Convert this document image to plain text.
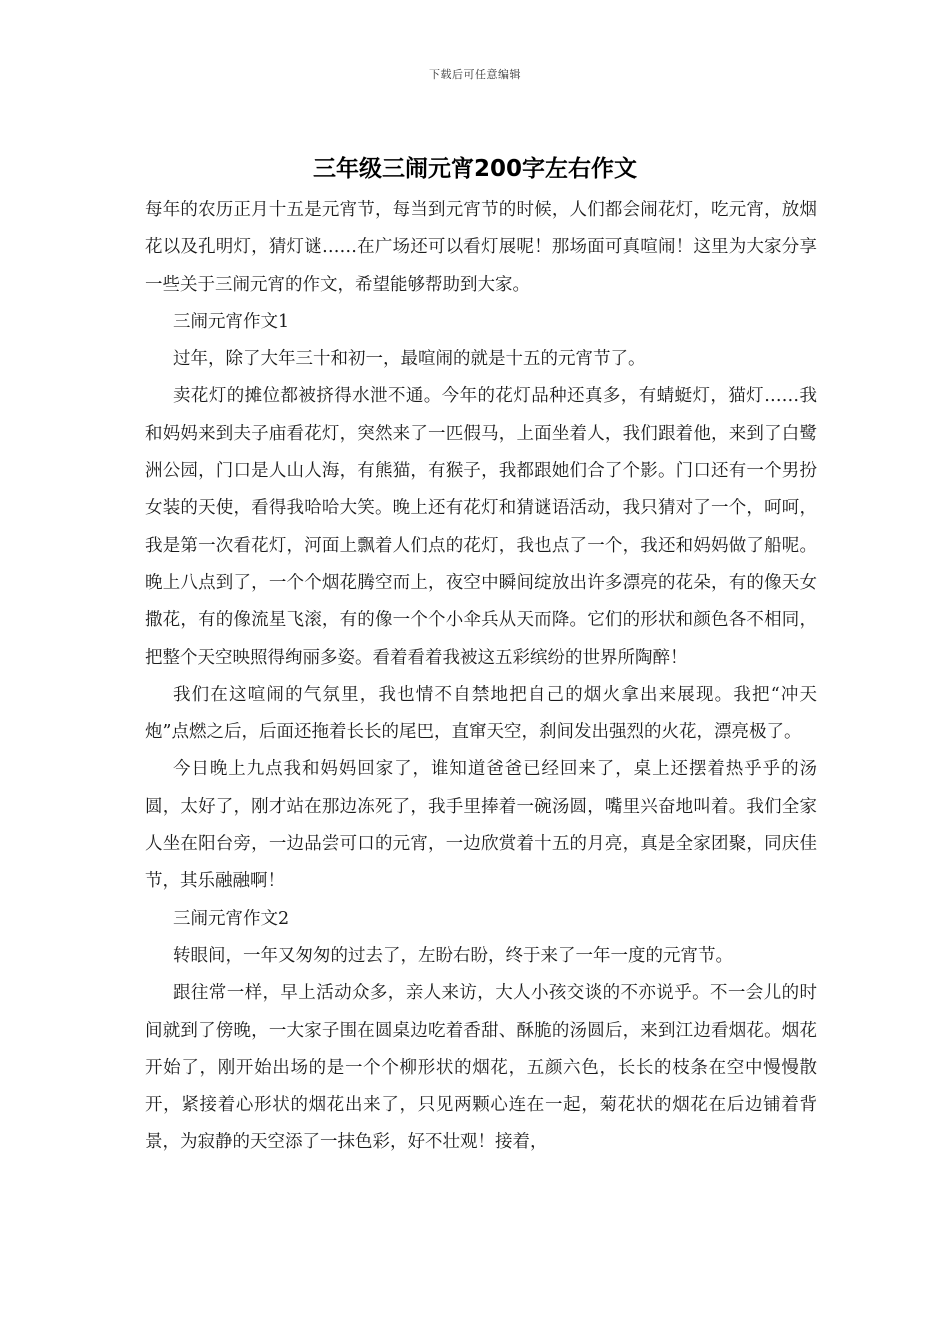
下载后可任意编辑
三年级三闹元宵200字左右作文

每年的农历正月十五是元宵节，每当到元宵节的时候，人们都会闹花灯，吃元宵，放烟花以及孔明灯，猜灯谜……在广场还可以看灯展呢！那场面可真喧闹！这里为大家分享一些关于三闹元宵的作文，希望能够帮助到大家。

三闹元宵作文1

过年，除了大年三十和初一，最喧闹的就是十五的元宵节了。

卖花灯的摊位都被挤得水泄不通。今年的花灯品种还真多，有蜻蜓灯，猫灯……我和妈妈来到夫子庙看花灯，突然来了一匹假马，上面坐着人，我们跟着他，来到了白鹭洲公园，门口是人山人海，有熊猫，有猴子，我都跟她们合了个影。门口还有一个男扮女装的天使，看得我哈哈大笑。晚上还有花灯和猜谜语活动，我只猜对了一个，呵呵，我是第一次看花灯，河面上飘着人们点的花灯，我也点了一个，我还和妈妈做了船呢。晚上八点到了，一个个烟花腾空而上，夜空中瞬间绽放出许多漂亮的花朵，有的像天女撒花，有的像流星飞滚，有的像一个个小伞兵从天而降。它们的形状和颜色各不相同，把整个天空映照得绚丽多姿。看着看着我被这五彩缤纷的世界所陶醉！

我们在这喧闹的气氛里，我也情不自禁地把自己的烟火拿出来展现。我把“冲天炮”点燃之后，后面还拖着长长的尾巴，直窜天空，刹间发出强烈的火花，漂亮极了。

今日晚上九点我和妈妈回家了，谁知道爸爸已经回来了，桌上还摆着热乎乎的汤圆，太好了，刚才站在那边冻死了，我手里捧着一碗汤圆，嘴里兴奋地叫着。我们全家人坐在阳台旁，一边品尝可口的元宵，一边欣赏着十五的月亮，真是全家团聚，同庆佳节，其乐融融啊！

三闹元宵作文2

转眼间，一年又匆匆的过去了，左盼右盼，终于来了一年一度的元宵节。

跟往常一样，早上活动众多，亲人来访，大人小孩交谈的不亦说乎。不一会儿的时间就到了傍晚，一大家子围在圆桌边吃着香甜、酥脆的汤圆后，来到江边看烟花。烟花开始了，刚开始出场的是一个个柳形状的烟花，五颜六色，长长的枝条在空中慢慢散开，紧接着心形状的烟花出来了，只见两颗心连在一起，菊花状的烟花在后边铺着背景，为寂静的天空添了一抹色彩，好不壮观！接着，
